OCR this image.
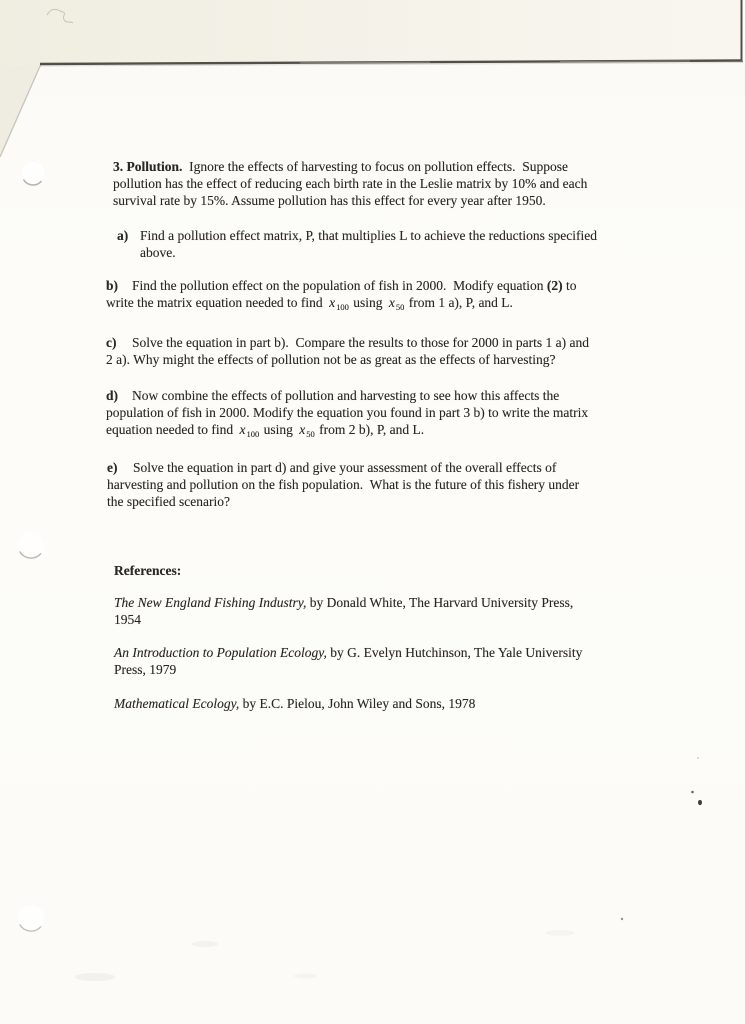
3. Pollution.  Ignore the effects of harvesting to focus on pollution effects.  Suppose
pollution has the effect of reducing each birth rate in the Leslie matrix by 10% and each
survival rate by 15%. Assume pollution has this effect for every year after 1950.
a) Find a pollution effect matrix, P, that multiplies L to achieve the reductions specified
above.
b) Find the pollution effect on the population of fish in 2000.  Modify equation (2) to
write the matrix equation needed to find $x_{100}$ using $x_{50}$ from 1 a), P, and L.
c) Solve the equation in part b).  Compare the results to those for 2000 in parts 1 a) and
2 a). Why might the effects of pollution not be as great as the effects of harvesting?
d) Now combine the effects of pollution and harvesting to see how this affects the
population of fish in 2000. Modify the equation you found in part 3 b) to write the matrix
equation needed to find $x_{100}$ using $x_{50}$ from 2 b), P, and L.
e) Solve the equation in part d) and give your assessment of the overall effects of
harvesting and pollution on the fish population.  What is the future of this fishery under
the specified scenario?
References:
The New England Fishing Industry, by Donald White, The Harvard University Press,
1954
An Introduction to Population Ecology, by G. Evelyn Hutchinson, The Yale University
Press, 1979
Mathematical Ecology, by E.C. Pielou, John Wiley and Sons, 1978
